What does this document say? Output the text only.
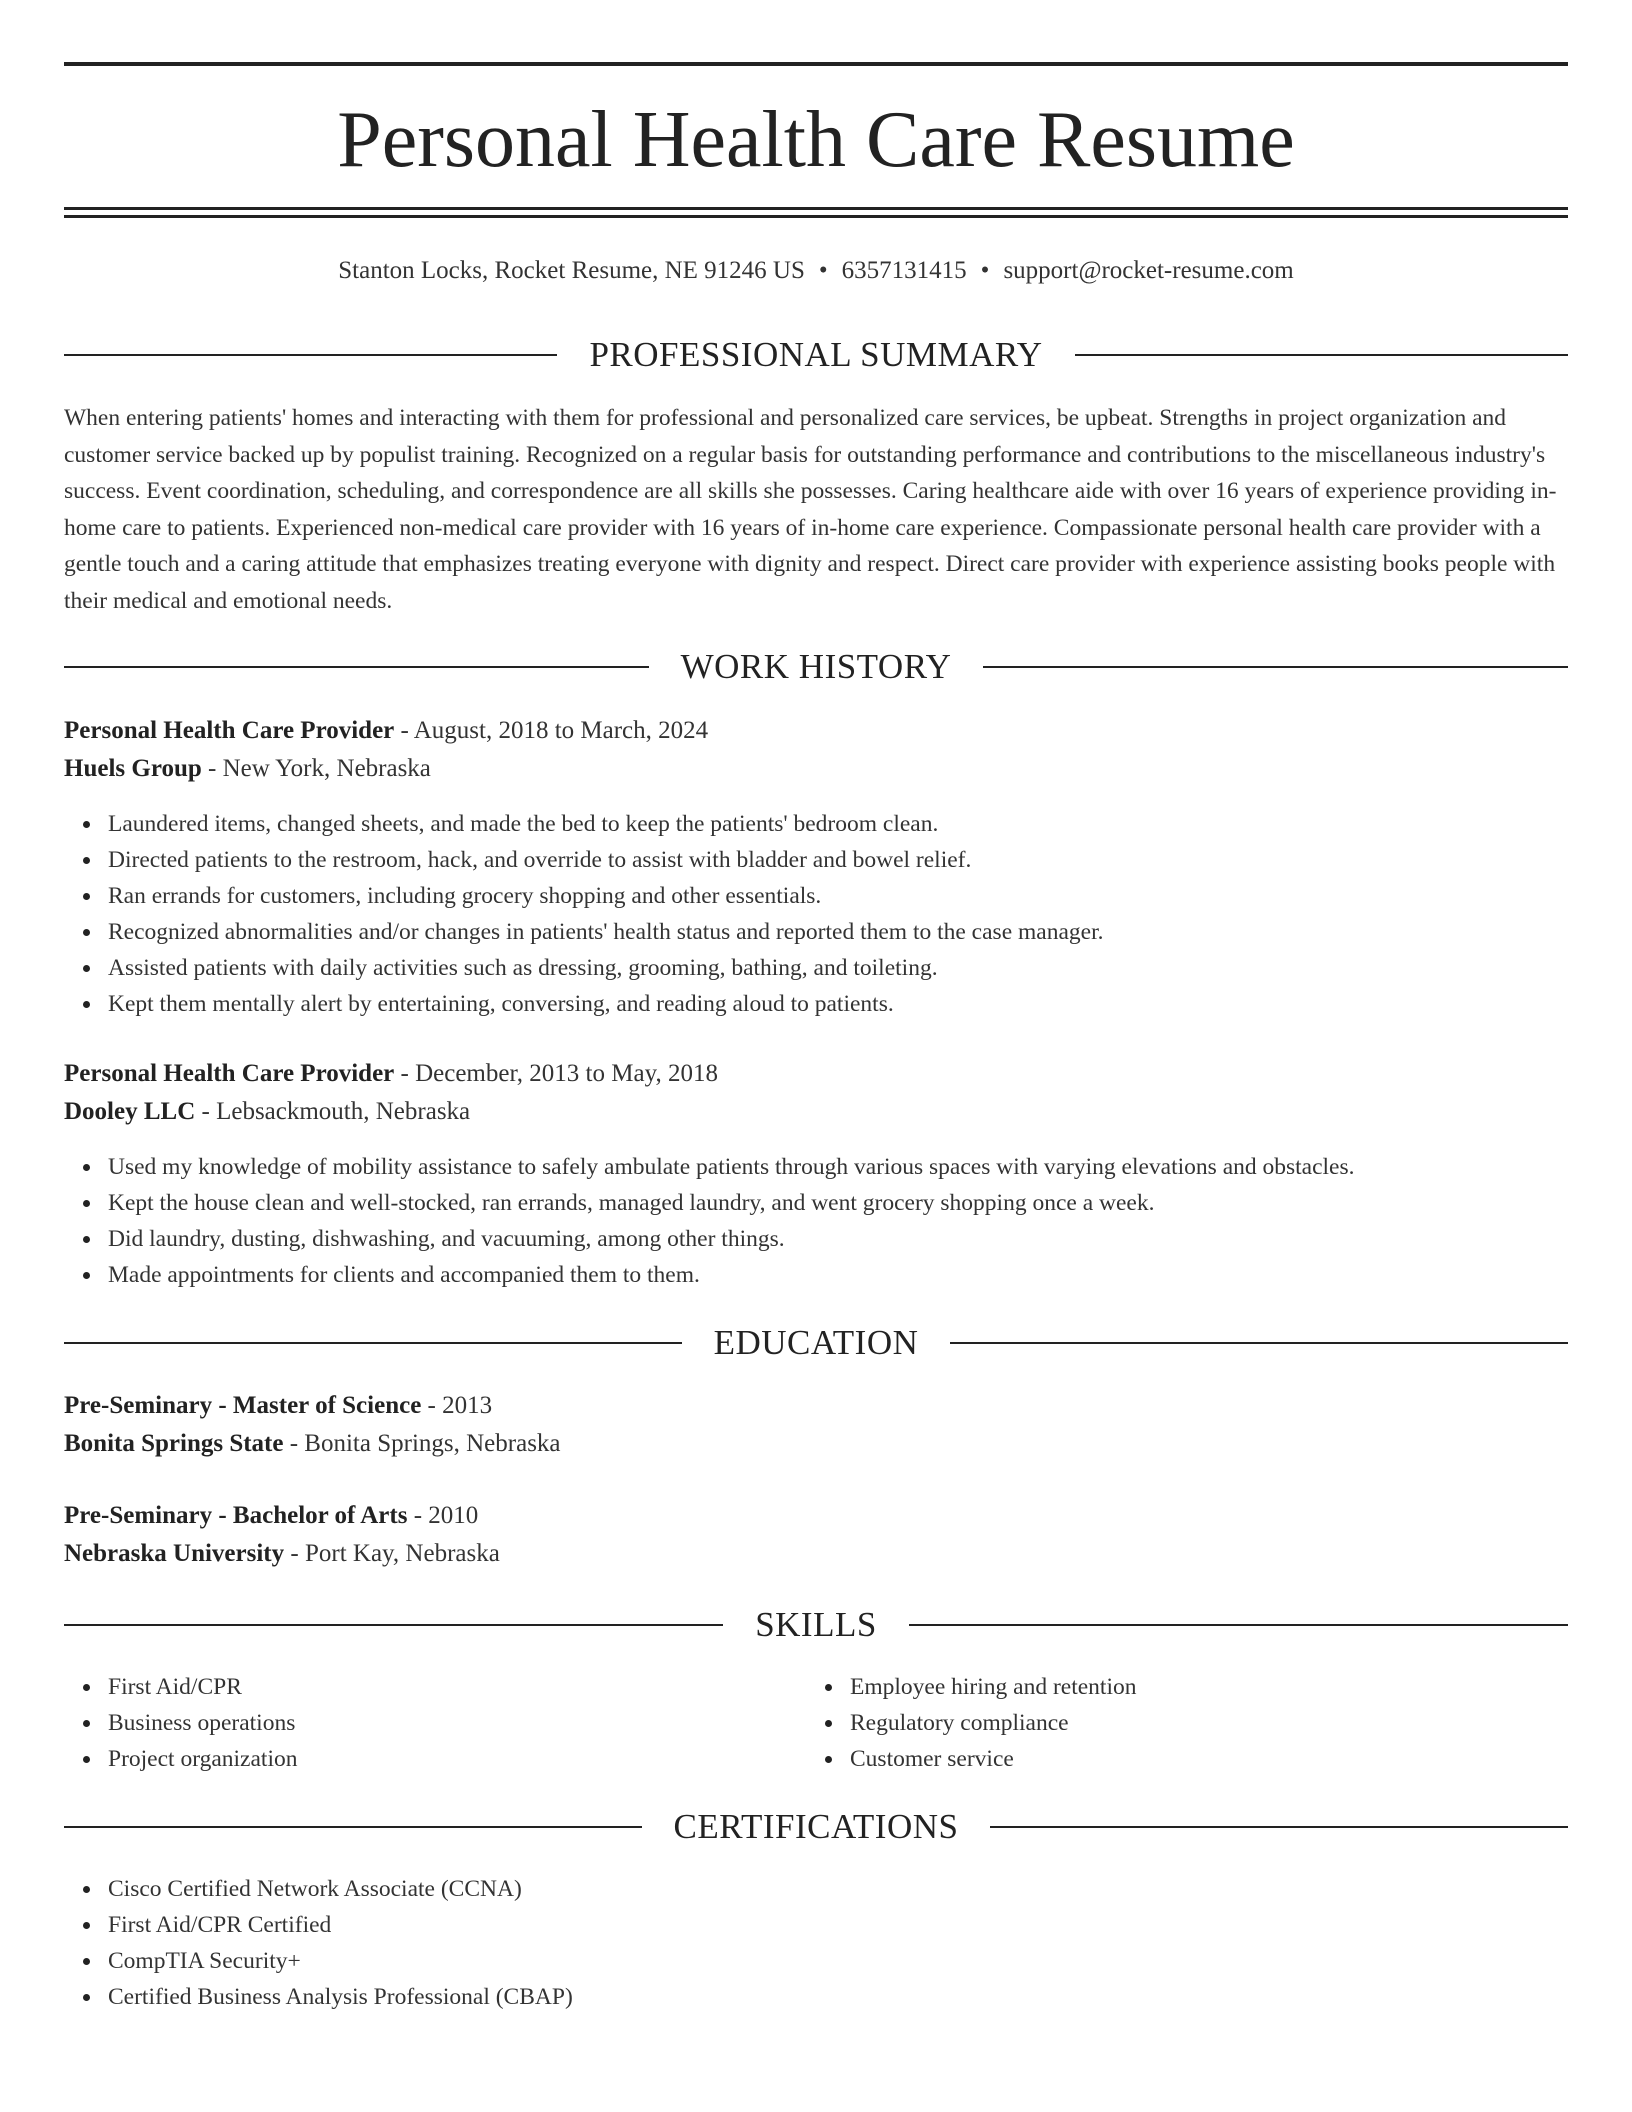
Personal Health Care Resume
Stanton Locks, Rocket Resume, NE 91246 US • 6357131415 • support@rocket-resume.com
PROFESSIONAL SUMMARY

When entering patients' homes and interacting with them for professional and personalized care services, be upbeat. Strengths in project organization and customer service backed up by populist training. Recognized on a regular basis for outstanding performance and contributions to the miscellaneous industry's success. Event coordination, scheduling, and correspondence are all skills she possesses. Caring healthcare aide with over 16 years of experience providing in-home care to patients. Experienced non-medical care provider with 16 years of in-home care experience. Compassionate personal health care provider with a gentle touch and a caring attitude that emphasizes treating everyone with dignity and respect. Direct care provider with experience assisting books people with their medical and emotional needs.

WORK HISTORY
Personal Health Care Provider - August, 2018 to March, 2024
Huels Group - New York, Nebraska
Laundered items, changed sheets, and made the bed to keep the patients' bedroom clean.
Directed patients to the restroom, hack, and override to assist with bladder and bowel relief.
Ran errands for customers, including grocery shopping and other essentials.
Recognized abnormalities and/or changes in patients' health status and reported them to the case manager.
Assisted patients with daily activities such as dressing, grooming, bathing, and toileting.
Kept them mentally alert by entertaining, conversing, and reading aloud to patients.
Personal Health Care Provider - December, 2013 to May, 2018
Dooley LLC - Lebsackmouth, Nebraska
Used my knowledge of mobility assistance to safely ambulate patients through various spaces with varying elevations and obstacles.
Kept the house clean and well-stocked, ran errands, managed laundry, and went grocery shopping once a week.
Did laundry, dusting, dishwashing, and vacuuming, among other things.
Made appointments for clients and accompanied them to them.
EDUCATION
Pre-Seminary - Master of Science - 2013
Bonita Springs State - Bonita Springs, Nebraska
Pre-Seminary - Bachelor of Arts - 2010
Nebraska University - Port Kay, Nebraska
SKILLS
First Aid/CPR
Business operations
Project organization
Employee hiring and retention
Regulatory compliance
Customer service
CERTIFICATIONS
Cisco Certified Network Associate (CCNA)
First Aid/CPR Certified
CompTIA Security+
Certified Business Analysis Professional (CBAP)
